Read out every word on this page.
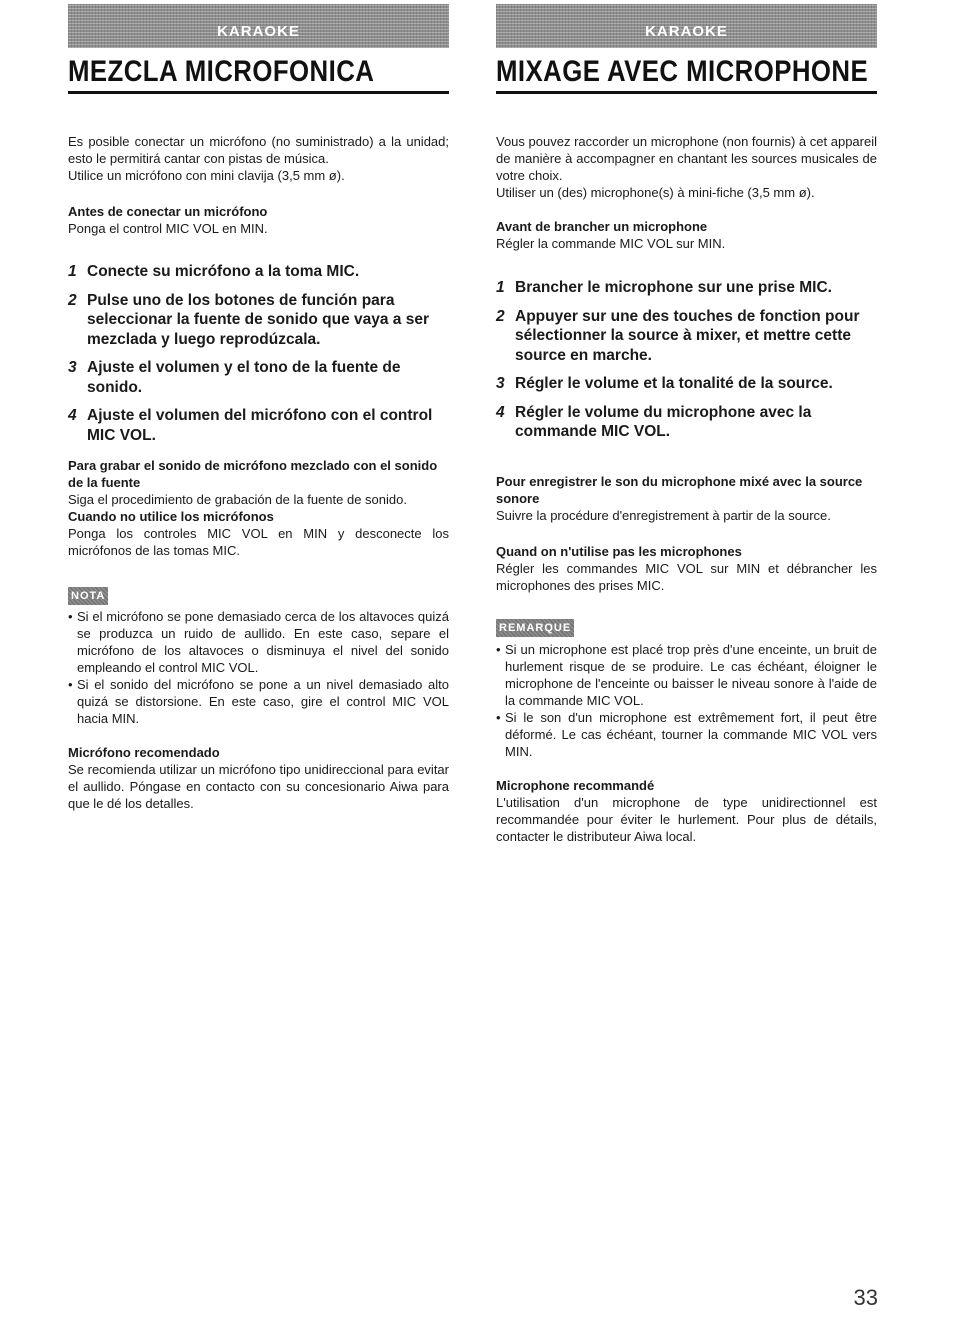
KARAOKE
MEZCLA MICROFONICA

Es posible conectar un micrófono (no suministrado) a la unidad; esto le permitirá cantar con pistas de música.

Utilice un micrófono con mini clavija (3,5 mm ø).

Antes de conectar un micrófono

Ponga el control MIC VOL en MIN.

1 Conecte su micrófono a la toma MIC.
2 Pulse uno de los botones de función para seleccionar la fuente de sonido que vaya a ser mezclada y luego reprodúzcala.
3 Ajuste el volumen y el tono de la fuente de sonido.
4 Ajuste el volumen del micrófono con el control MIC VOL.
Para grabar el sonido de micrófono mezclado con el sonido de la fuente

Siga el procedimiento de grabación de la fuente de sonido.

Cuando no utilice los micrófonos

Ponga los controles MIC VOL en MIN y desconecte los micrófonos de las tomas MIC.

NOTA
• Si el micrófono se pone demasiado cerca de los altavoces quizá se produzca un ruido de aullido. En este caso, separe el micrófono de los altavoces o disminuya el nivel del sonido empleando el control MIC VOL.
• Si el sonido del micrófono se pone a un nivel demasiado alto quizá se distorsione. En este caso, gire el control MIC VOL hacia MIN.
Micrófono recomendado

Se recomienda utilizar un micrófono tipo unidireccional para evitar el aullido. Póngase en contacto con su concesionario Aiwa para que le dé los detalles.

KARAOKE
MIXAGE AVEC MICROPHONE

Vous pouvez raccorder un microphone (non fournis) à cet appareil de manière à accompagner en chantant les sources musicales de votre choix.

Utiliser un (des) microphone(s) à mini-fiche (3,5 mm ø).

Avant de brancher un microphone

Régler la commande MIC VOL sur MIN.

1 Brancher le microphone sur une prise MIC.
2 Appuyer sur une des touches de fonction pour sélectionner la source à mixer, et mettre cette source en marche.
3 Régler le volume et la tonalité de la source.
4 Régler le volume du microphone avec la commande MIC VOL.
Pour enregistrer le son du microphone mixé avec la source sonore

Suivre la procédure d'enregistrement à partir de la source.

Quand on n'utilise pas les microphones

Régler les commandes MIC VOL sur MIN et débrancher les microphones des prises MIC.

REMARQUE
• Si un microphone est placé trop près d'une enceinte, un bruit de hurlement risque de se produire. Le cas échéant, éloigner le microphone de l'enceinte ou baisser le niveau sonore à l'aide de la commande MIC VOL.
• Si le son d'un microphone est extrêmement fort, il peut être déformé. Le cas échéant, tourner la commande MIC VOL vers MIN.
Microphone recommandé

L'utilisation d'un microphone de type unidirectionnel est recommandée pour éviter le hurlement. Pour plus de détails, contacter le distributeur Aiwa local.

33
